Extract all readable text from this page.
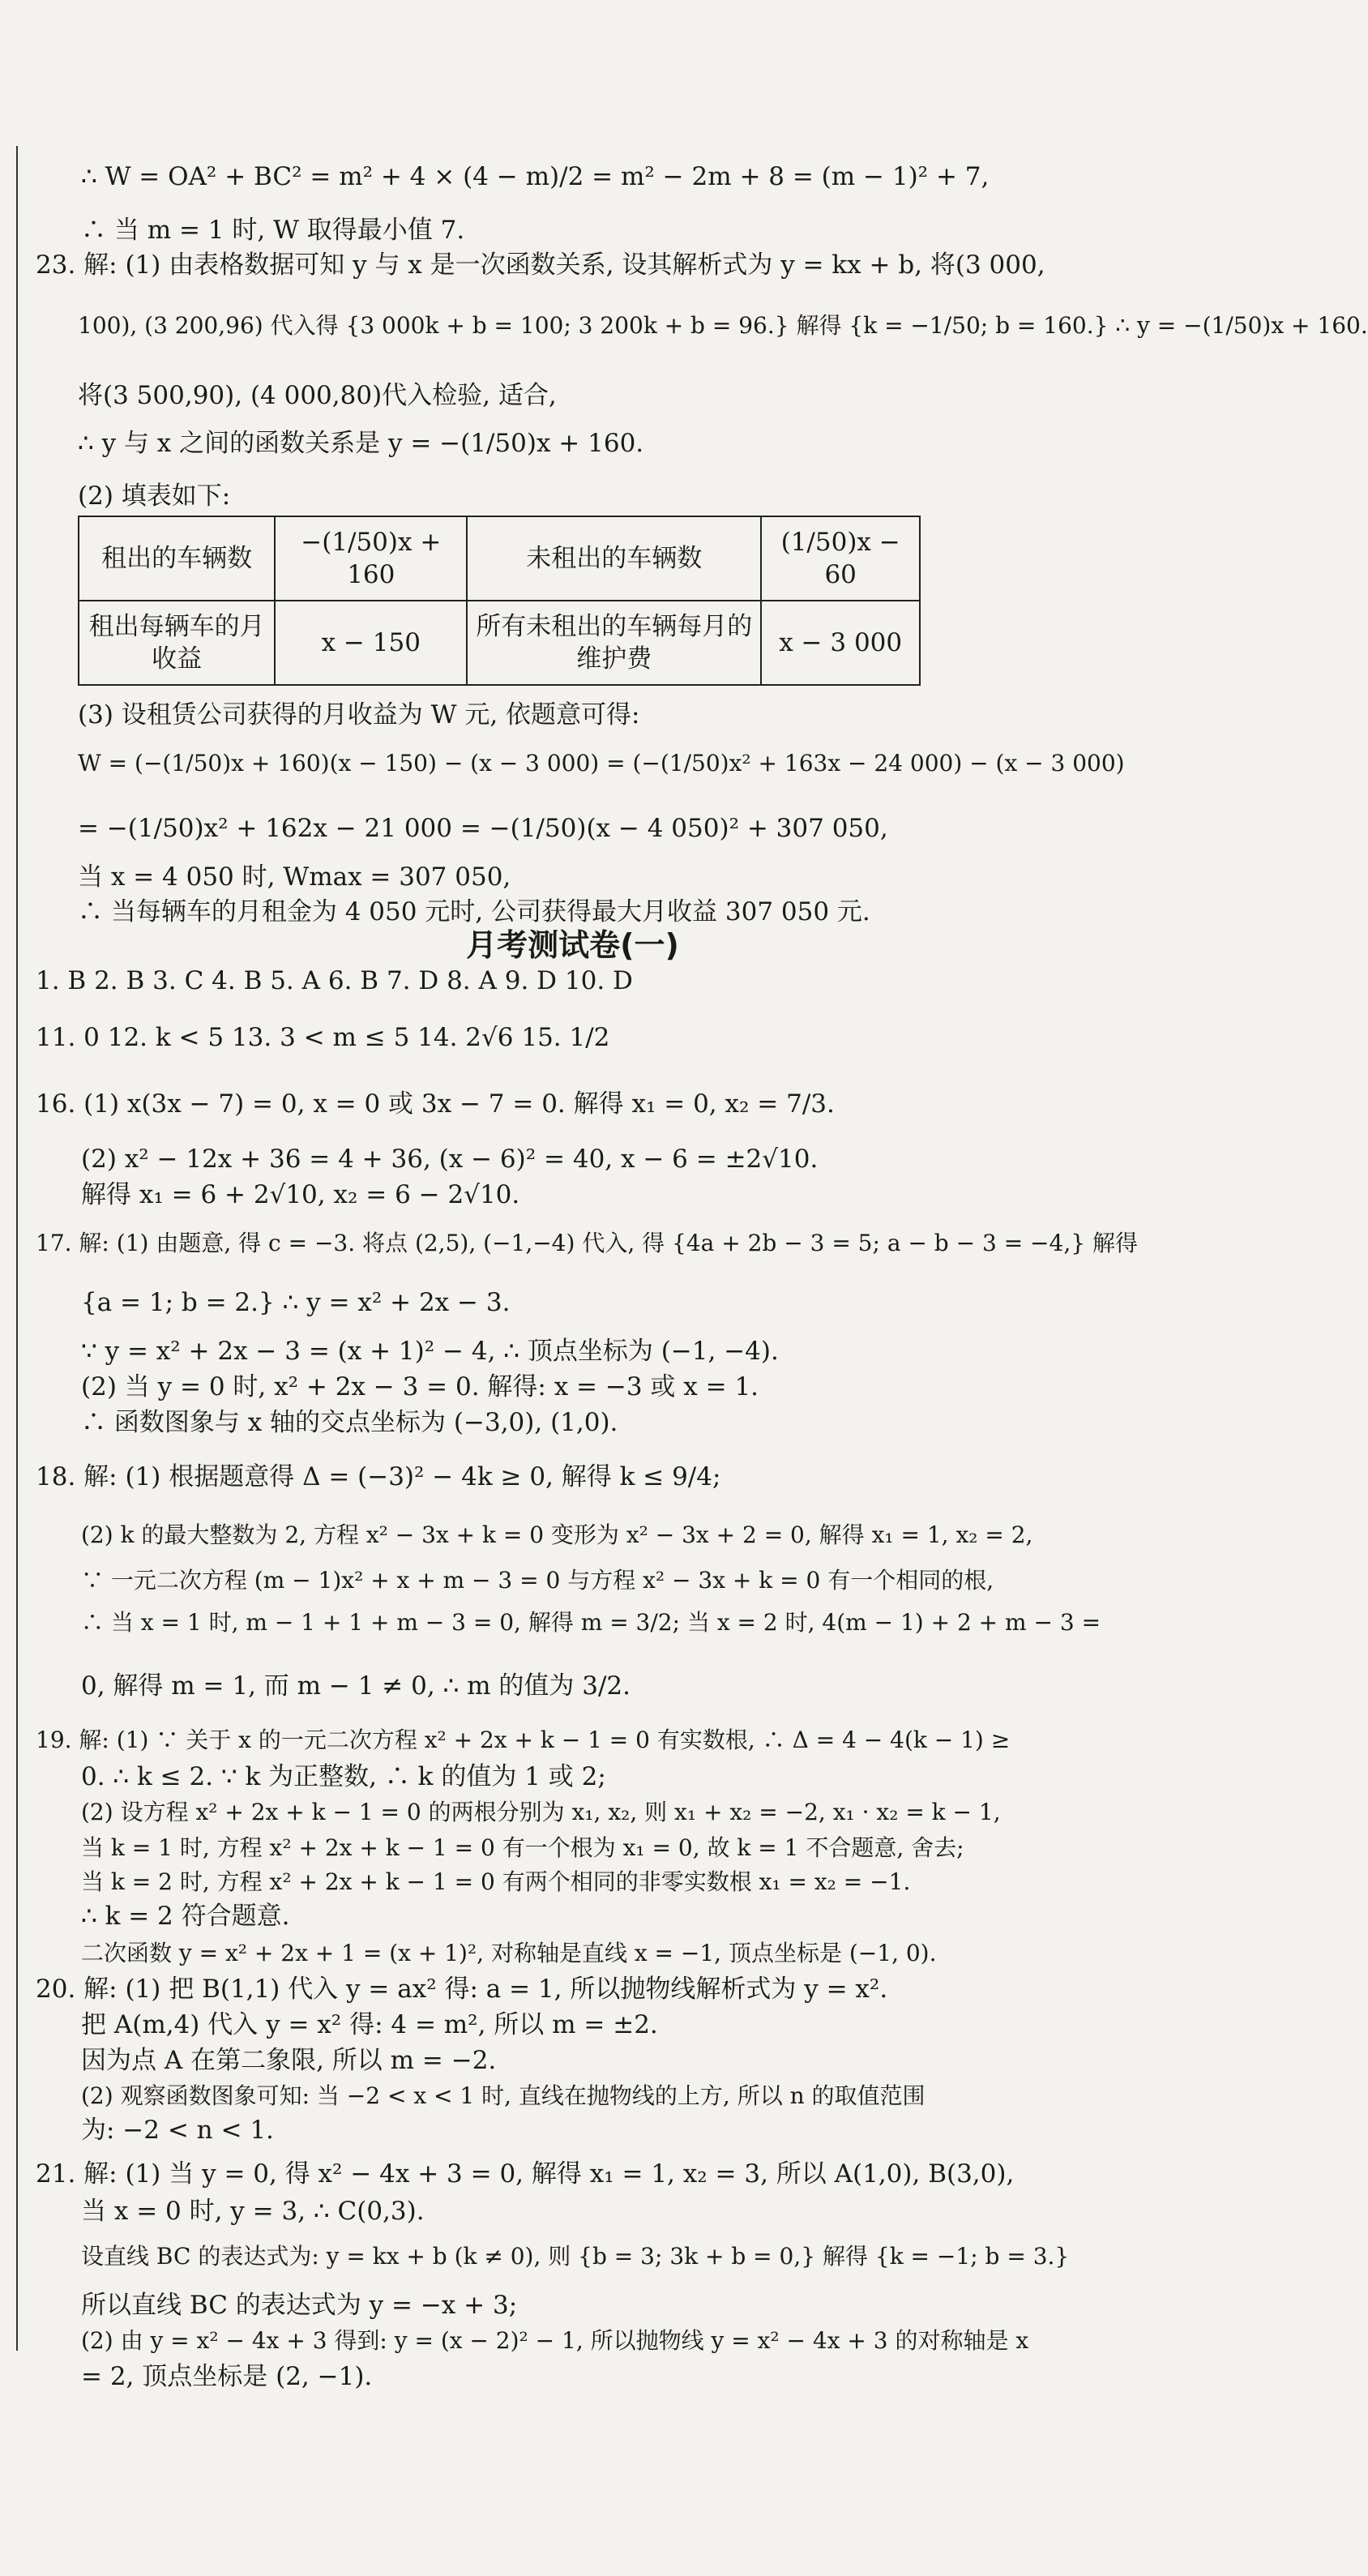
∴ W = OA² + BC² = m² + 4 × (4 − m)/2 = m² − 2m + 8 = (m − 1)² + 7,
∴ 当 m = 1 时, W 取得最小值 7.
23. 解: (1) 由表格数据可知 y 与 x 是一次函数关系, 设其解析式为 y = kx + b, 将(3 000,
100), (3 200,96) 代入得 {3 000k + b = 100; 3 200k + b = 96.} 解得 {k = −1/50; b = 160.} ∴ y = −(1/50)x + 160.
将(3 500,90), (4 000,80)代入检验, 适合,
∴ y 与 x 之间的函数关系是 y = −(1/50)x + 160.
(2) 填表如下:
租出的车辆数	−(1/50)x + 160	未租出的车辆数	(1/50)x − 60
租出每辆车的月收益	x − 150	所有未租出的车辆每月的维护费	x − 3 000
(3) 设租赁公司获得的月收益为 W 元, 依题意可得:
W = (−(1/50)x + 160)(x − 150) − (x − 3 000) = (−(1/50)x² + 163x − 24 000) − (x − 3 000)
= −(1/50)x² + 162x − 21 000 = −(1/50)(x − 4 050)² + 307 050,
当 x = 4 050 时, Wmax = 307 050,
∴ 当每辆车的月租金为 4 050 元时, 公司获得最大月收益 307 050 元.
月考测试卷(一)
1. B 2. B 3. C 4. B 5. A 6. B 7. D 8. A 9. D 10. D
11. 0 12. k < 5 13. 3 < m ≤ 5 14. 2√6 15. 1/2
16. (1) x(3x − 7) = 0, x = 0 或 3x − 7 = 0. 解得 x₁ = 0, x₂ = 7/3.
(2) x² − 12x + 36 = 4 + 36, (x − 6)² = 40, x − 6 = ±2√10.
解得 x₁ = 6 + 2√10, x₂ = 6 − 2√10.
17. 解: (1) 由题意, 得 c = −3. 将点 (2,5), (−1,−4) 代入, 得 {4a + 2b − 3 = 5; a − b − 3 = −4,} 解得
{a = 1; b = 2.} ∴ y = x² + 2x − 3.
∵ y = x² + 2x − 3 = (x + 1)² − 4, ∴ 顶点坐标为 (−1, −4).
(2) 当 y = 0 时, x² + 2x − 3 = 0. 解得: x = −3 或 x = 1.
∴ 函数图象与 x 轴的交点坐标为 (−3,0), (1,0).
18. 解: (1) 根据题意得 Δ = (−3)² − 4k ≥ 0, 解得 k ≤ 9/4;
(2) k 的最大整数为 2, 方程 x² − 3x + k = 0 变形为 x² − 3x + 2 = 0, 解得 x₁ = 1, x₂ = 2,
∵ 一元二次方程 (m − 1)x² + x + m − 3 = 0 与方程 x² − 3x + k = 0 有一个相同的根,
∴ 当 x = 1 时, m − 1 + 1 + m − 3 = 0, 解得 m = 3/2; 当 x = 2 时, 4(m − 1) + 2 + m − 3 =
0, 解得 m = 1, 而 m − 1 ≠ 0, ∴ m 的值为 3/2.
19. 解: (1) ∵ 关于 x 的一元二次方程 x² + 2x + k − 1 = 0 有实数根, ∴ Δ = 4 − 4(k − 1) ≥
0. ∴ k ≤ 2. ∵ k 为正整数, ∴ k 的值为 1 或 2;
(2) 设方程 x² + 2x + k − 1 = 0 的两根分别为 x₁, x₂, 则 x₁ + x₂ = −2, x₁ · x₂ = k − 1,
当 k = 1 时, 方程 x² + 2x + k − 1 = 0 有一个根为 x₁ = 0, 故 k = 1 不合题意, 舍去;
当 k = 2 时, 方程 x² + 2x + k − 1 = 0 有两个相同的非零实数根 x₁ = x₂ = −1.
∴ k = 2 符合题意.
二次函数 y = x² + 2x + 1 = (x + 1)², 对称轴是直线 x = −1, 顶点坐标是 (−1, 0).
20. 解: (1) 把 B(1,1) 代入 y = ax² 得: a = 1, 所以抛物线解析式为 y = x².
把 A(m,4) 代入 y = x² 得: 4 = m², 所以 m = ±2.
因为点 A 在第二象限, 所以 m = −2.
(2) 观察函数图象可知: 当 −2 < x < 1 时, 直线在抛物线的上方, 所以 n 的取值范围
为: −2 < n < 1.
21. 解: (1) 当 y = 0, 得 x² − 4x + 3 = 0, 解得 x₁ = 1, x₂ = 3, 所以 A(1,0), B(3,0),
当 x = 0 时, y = 3, ∴ C(0,3).
设直线 BC 的表达式为: y = kx + b (k ≠ 0), 则 {b = 3; 3k + b = 0,} 解得 {k = −1; b = 3.}
所以直线 BC 的表达式为 y = −x + 3;
(2) 由 y = x² − 4x + 3 得到: y = (x − 2)² − 1, 所以抛物线 y = x² − 4x + 3 的对称轴是 x
= 2, 顶点坐标是 (2, −1).
